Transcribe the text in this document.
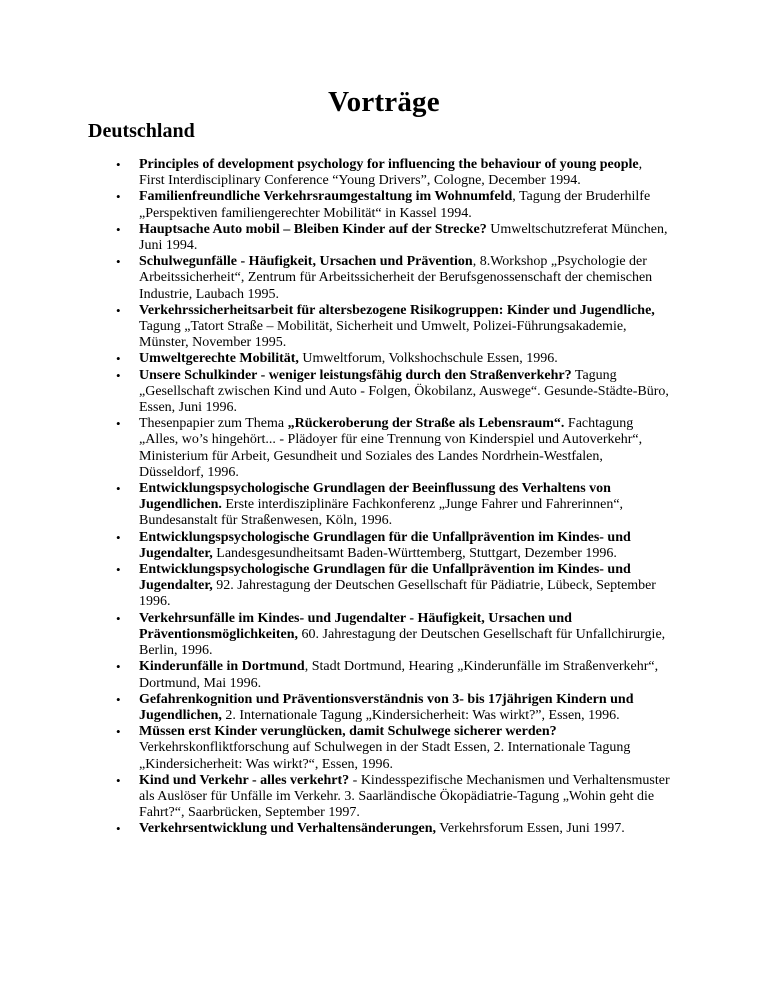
Vorträge
Deutschland
• Principles of development psychology for influencing the behaviour of young people, First Interdisciplinary Conference “Young Drivers”, Cologne, December 1994.
• Familienfreundliche Verkehrsraumgestaltung im Wohnumfeld, Tagung der Bruderhilfe „Perspektiven familiengerechter Mobilität“ in Kassel 1994.
• Hauptsache Auto mobil – Bleiben Kinder auf der Strecke? Umweltschutzreferat München, Juni 1994.
• Schulwegunfälle - Häufigkeit, Ursachen und Prävention, 8.Workshop „Psychologie der Arbeitssicherheit“, Zentrum für Arbeitssicherheit der Berufsgenossenschaft der chemischen Industrie, Laubach 1995.
• Verkehrssicherheitsarbeit für altersbezogene Risikogruppen: Kinder und Jugendliche, Tagung „Tatort Straße – Mobilität, Sicherheit und Umwelt, Polizei-Führungsakademie, Münster, November 1995.
• Umweltgerechte Mobilität, Umweltforum, Volkshochschule Essen, 1996.
• Unsere Schulkinder - weniger leistungsfähig durch den Straßenverkehr? Tagung „Gesellschaft zwischen Kind und Auto - Folgen, Ökobilanz, Auswege“. Gesunde-Städte-Büro, Essen, Juni 1996.
• Thesenpapier zum Thema „Rückeroberung der Straße als Lebensraum“. Fachtagung „Alles, wo’s hingehört... - Plädoyer für eine Trennung von Kinderspiel und Autoverkehr“, Ministerium für Arbeit, Gesundheit und Soziales des Landes Nordrhein-Westfalen, Düsseldorf, 1996.
• Entwicklungspsychologische Grundlagen der Beeinflussung des Verhaltens von Jugendlichen. Erste interdisziplinäre Fachkonferenz „Junge Fahrer und Fahrerinnen“, Bundesanstalt für Straßenwesen, Köln, 1996.
• Entwicklungspsychologische Grundlagen für die Unfallprävention im Kindes- und Jugendalter, Landesgesundheitsamt Baden-Württemberg, Stuttgart, Dezember 1996.
• Entwicklungspsychologische Grundlagen für die Unfallprävention im Kindes- und Jugendalter, 92. Jahrestagung der Deutschen Gesellschaft für Pädiatrie, Lübeck, September 1996.
• Verkehrsunfälle im Kindes- und Jugendalter - Häufigkeit, Ursachen und Präventionsmöglichkeiten, 60. Jahrestagung der Deutschen Gesellschaft für Unfallchirurgie, Berlin, 1996.
• Kinderunfälle in Dortmund, Stadt Dortmund, Hearing „Kinderunfälle im Straßenverkehr“, Dortmund, Mai 1996.
• Gefahrenkognition und Präventionsverständnis von 3- bis 17jährigen Kindern und Jugendlichen, 2. Internationale Tagung „Kindersicherheit: Was wirkt?”, Essen, 1996.
• Müssen erst Kinder verunglücken, damit Schulwege sicherer werden? Verkehrskonfliktforschung auf Schulwegen in der Stadt Essen, 2. Internationale Tagung „Kindersicherheit: Was wirkt?“, Essen, 1996.
• Kind und Verkehr - alles verkehrt? - Kindesspezifische Mechanismen und Verhaltensmuster als Auslöser für Unfälle im Verkehr. 3. Saarländische Ökopädiatrie-Tagung „Wohin geht die Fahrt?“, Saarbrücken, September 1997.
• Verkehrsentwicklung und Verhaltensänderungen, Verkehrsforum Essen, Juni 1997.
